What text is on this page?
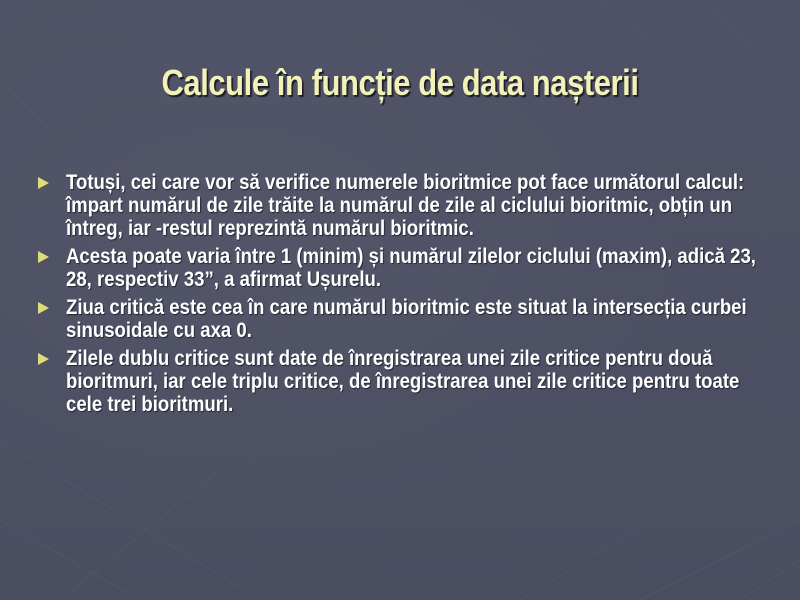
Calcule în funcție de data nașterii
Totuși, cei care vor să verifice numerele bioritmice pot face următorul calcul: împart numărul de zile trăite la numărul de zile al ciclului bioritmic, obțin un întreg, iar -restul reprezintă numărul bioritmic.
Acesta poate varia între 1 (minim) și numărul zilelor ciclului (maxim), adică 23, 28, respectiv 33”, a afirmat Ușurelu.
Ziua critică este cea în care numărul bioritmic este situat la intersecția curbei sinusoidale cu axa 0.
Zilele dublu critice sunt date de înregistrarea unei zile critice pentru două bioritmuri, iar cele triplu critice, de înregistrarea unei zile critice pentru toate cele trei bioritmuri.
